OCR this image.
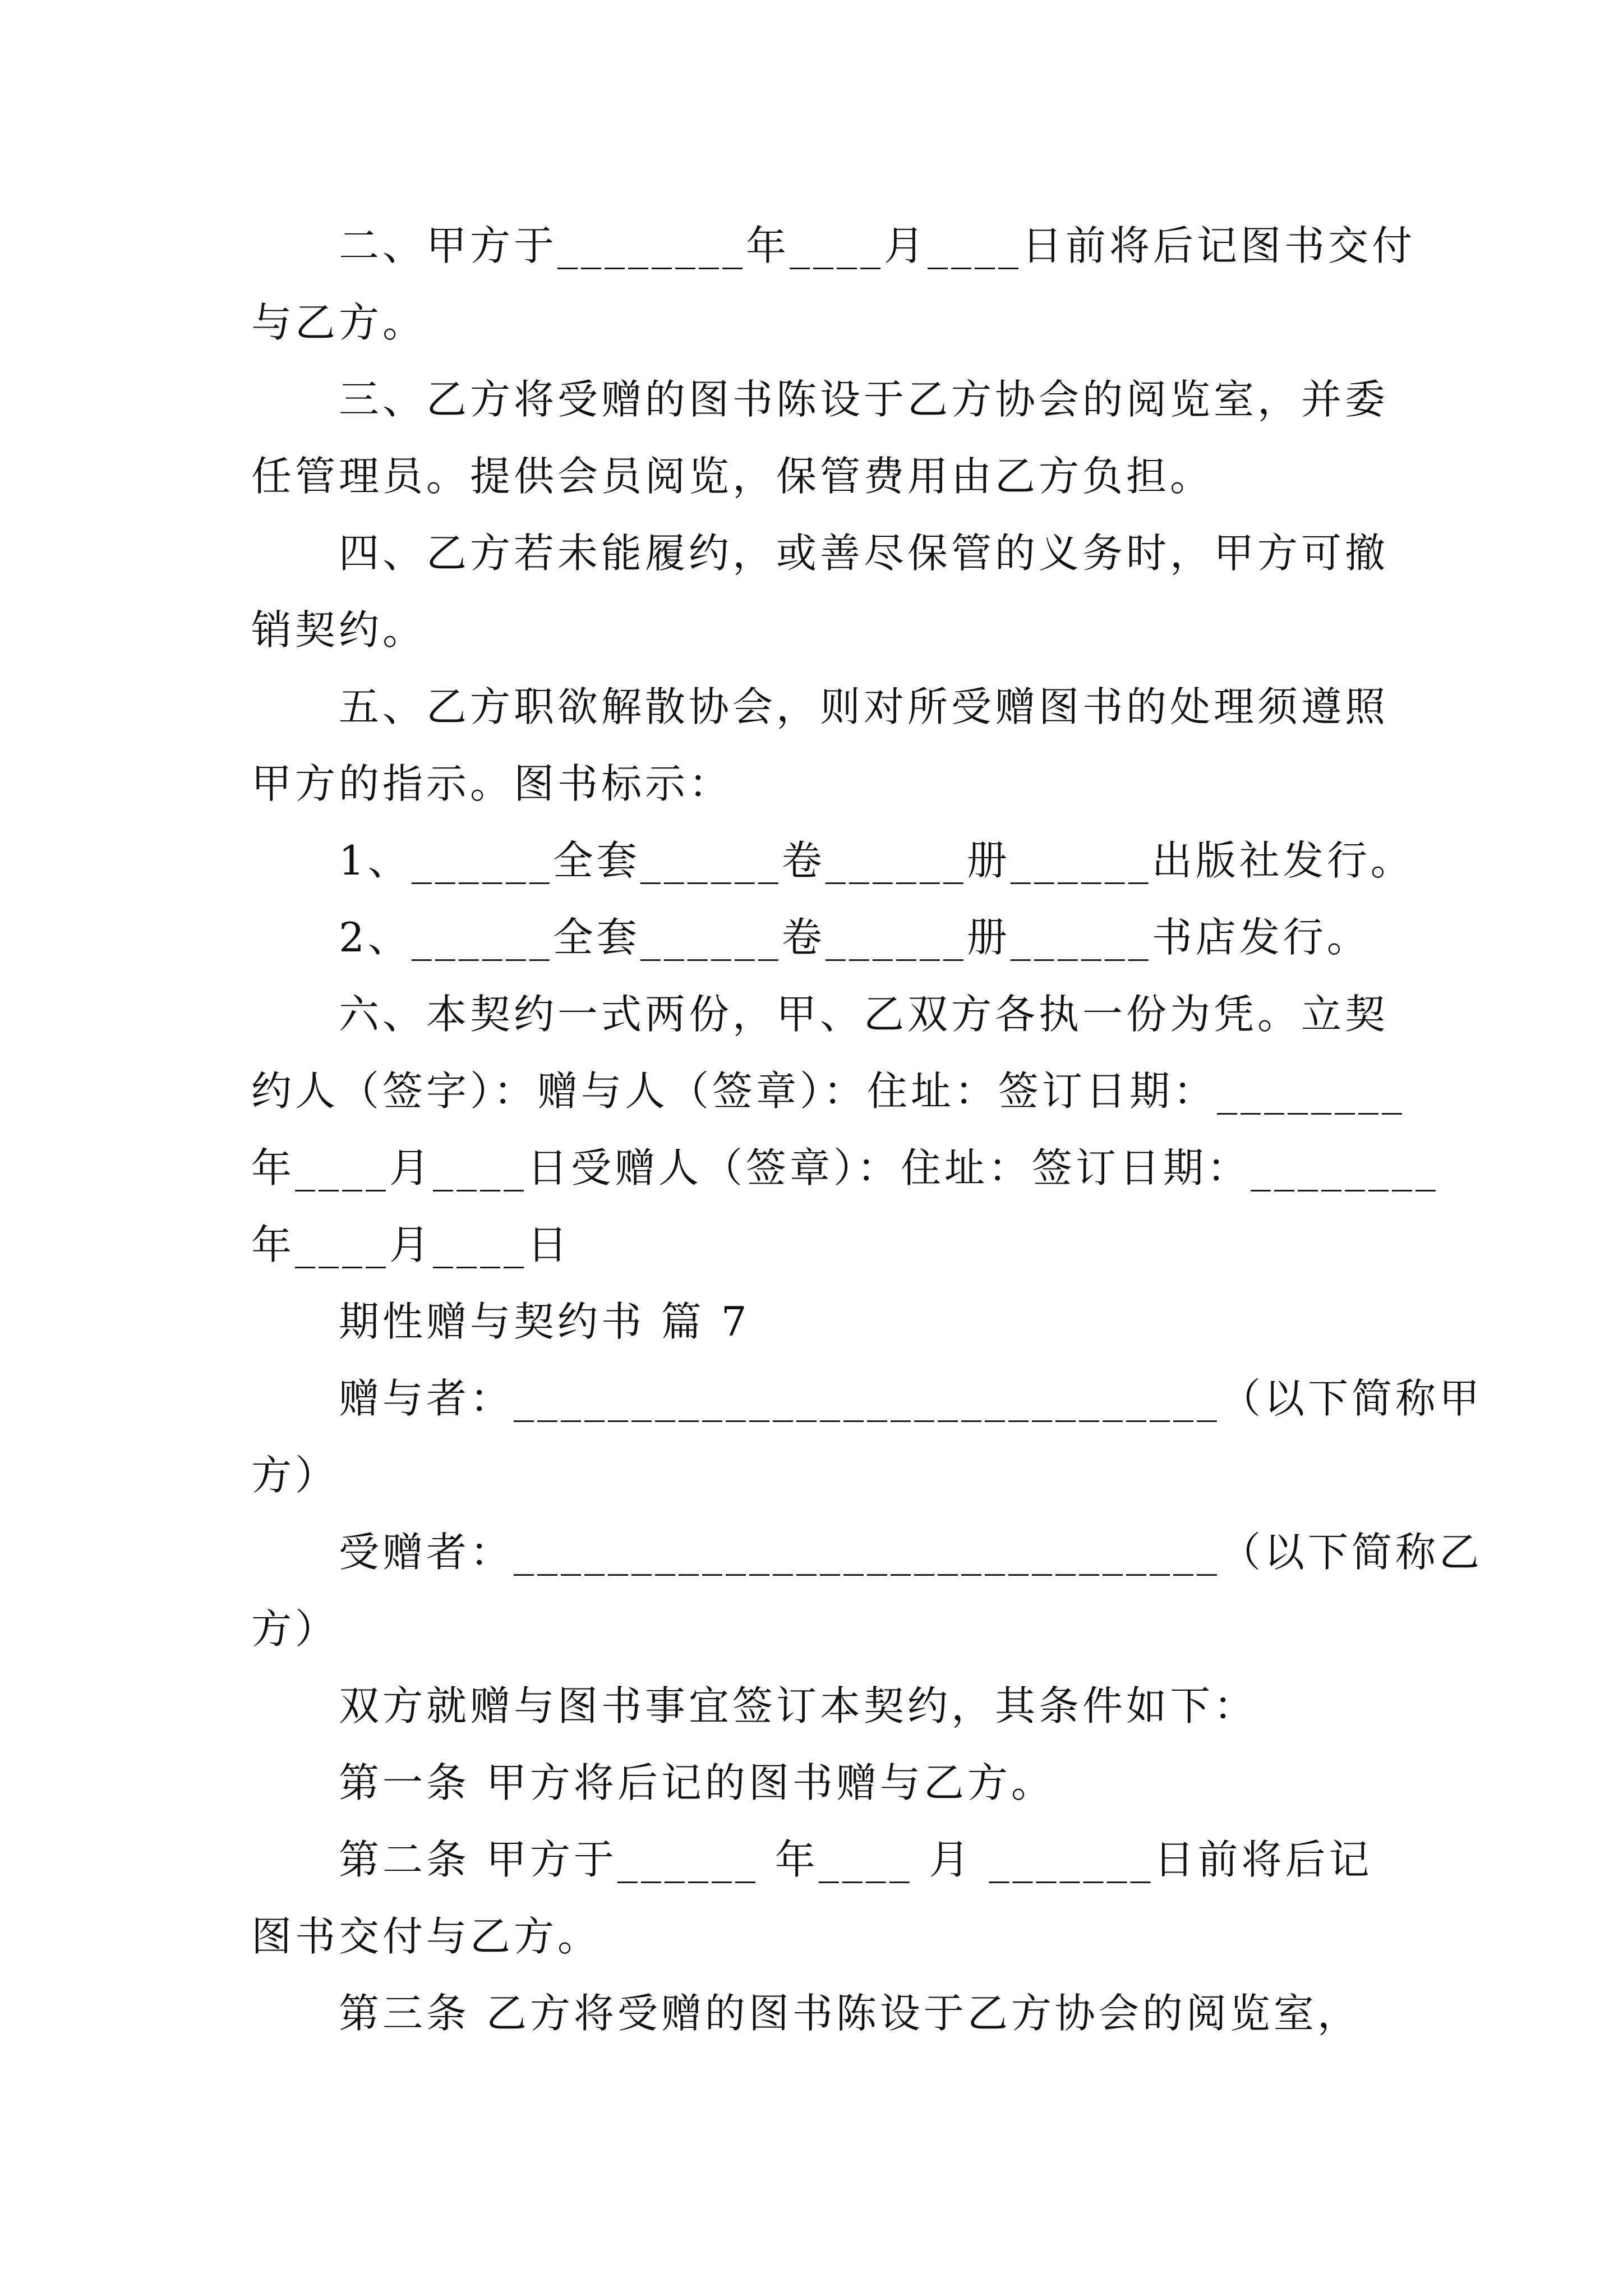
　　二、甲方于________年____月____日前将后记图书交付
与乙方。
　　三、乙方将受赠的图书陈设于乙方协会的阅览室，并委
任管理员。提供会员阅览，保管费用由乙方负担。
　　四、乙方若未能履约，或善尽保管的义务时，甲方可撤
销契约。
　　五、乙方职欲解散协会，则对所受赠图书的处理须遵照
甲方的指示。图书标示：
　　1、______全套______卷______册______出版社发行。
　　2、______全套______卷______册______书店发行。
　　六、本契约一式两份，甲、乙双方各执一份为凭。立契
约人（签字）：赠与人（签章）：住址：签订日期：________
年____月____日受赠人（签章）：住址：签订日期：________
年____月____日
　　期性赠与契约书 篇 7
　　赠与者：______________________________（以下简称甲
方）
　　受赠者：______________________________（以下简称乙
方）
　　双方就赠与图书事宜签订本契约，其条件如下：
　　第一条 甲方将后记的图书赠与乙方。
　　第二条 甲方于______ 年____ 月 _______日前将后记
图书交付与乙方。
　　第三条 乙方将受赠的图书陈设于乙方协会的阅览室，
